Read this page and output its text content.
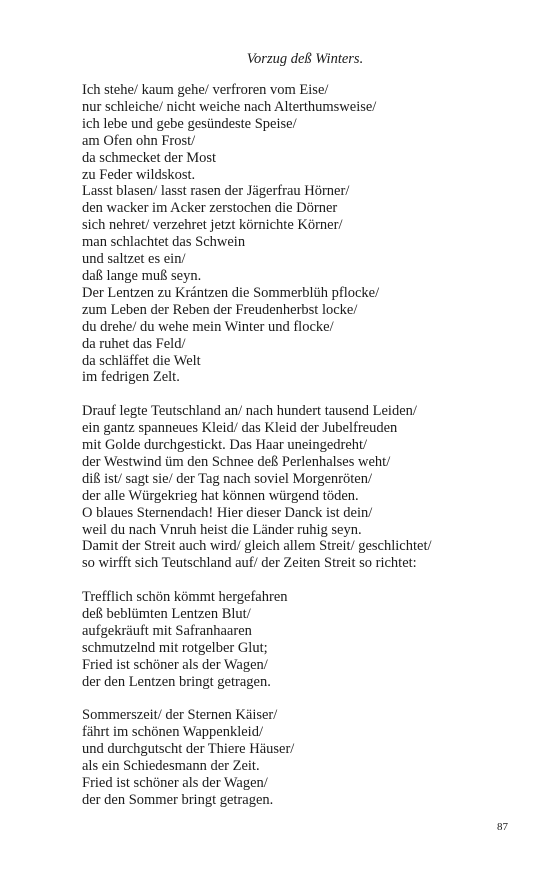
Vorzug deß Winters.
Ich stehe/ kaum gehe/ verfroren vom Eise/
nur schleiche/ nicht weiche nach Alterthumsweise/
ich lebe und gebe gesündeste Speise/
am Ofen ohn Frost/
da schmecket der Most
zu Feder wildskost.
Lasst blasen/ lasst rasen der Jägerfrau Hörner/
den wacker im Acker zerstochen die Dörner
sich nehret/ verzehret jetzt körnichte Körner/
man schlachtet das Schwein
und saltzet es ein/
daß lange muß seyn.
Der Lentzen zu Krántzen die Sommerblüh pflocke/
zum Leben der Reben der Freudenherbst locke/
du drehe/ du wehe mein Winter und flocke/
da ruhet das Feld/
da schläffet die Welt
im fedrigen Zelt.
Drauf legte Teutschland an/ nach hundert tausend Leiden/
ein gantz spanneues Kleid/ das Kleid der Jubelfreuden
mit Golde durchgestickt. Das Haar uneingedreht/
der Westwind üm den Schnee deß Perlenhalses weht/
diß ist/ sagt sie/ der Tag nach soviel Morgenröten/
der alle Würgekrieg hat können würgend töden.
O blaues Sternendach! Hier dieser Danck ist dein/
weil du nach Vnruh heist die Länder ruhig seyn.
Damit der Streit auch wird/ gleich allem Streit/ geschlichtet/
so wirfft sich Teutschland auf/ der Zeiten Streit so richtet:
Trefflich schön kömmt hergefahren
deß beblümten Lentzen Blut/
aufgekräuft mit Safranhaaren
schmutzelnd mit rotgelber Glut;
Fried ist schöner als der Wagen/
der den Lentzen bringt getragen.
Sommerszeit/ der Sternen Käiser/
fährt im schönen Wappenkleid/
und durchgutscht der Thiere Häuser/
als ein Schiedesmann der Zeit.
Fried ist schöner als der Wagen/
der den Sommer bringt getragen.
87
